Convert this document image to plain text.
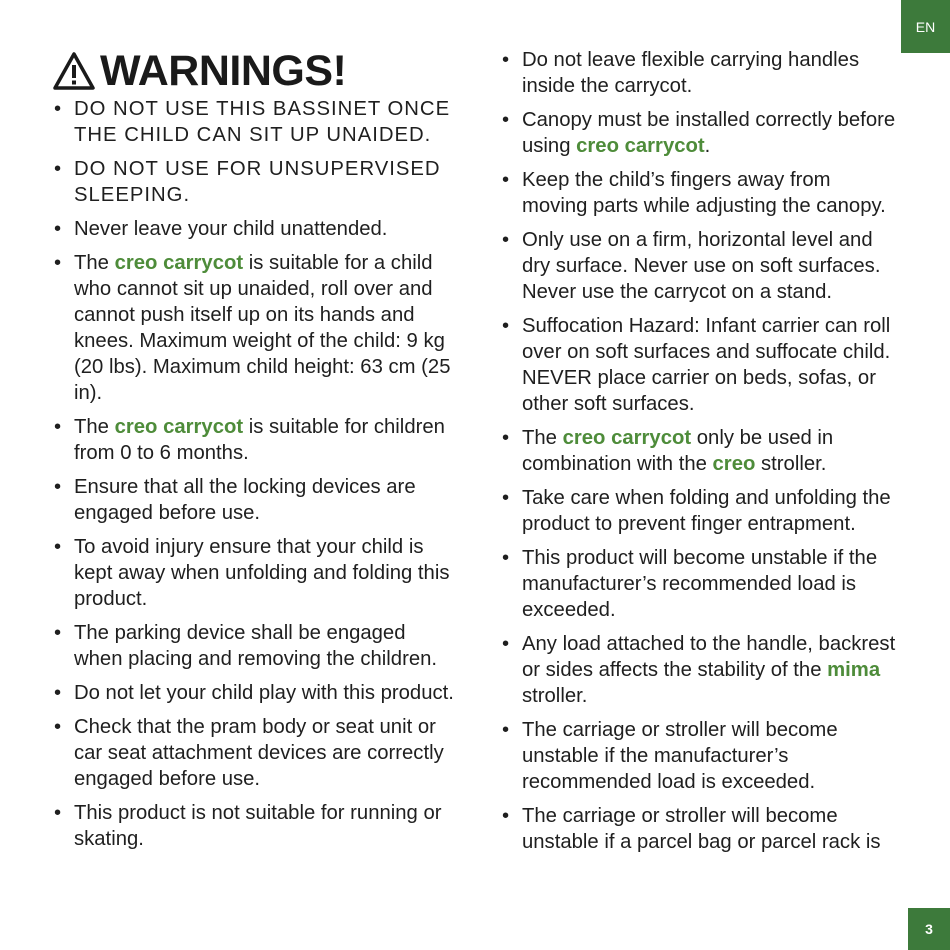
EN
WARNINGS!
• DO NOT USE THIS BASSINET ONCE THE CHILD CAN SIT UP UNAIDED.
• DO NOT USE FOR UNSUPERVISED SLEEPING.
• Never leave your child unattended.
• The creo carrycot is suitable for a child who cannot sit up unaided, roll over and cannot push itself up on its hands and knees. Maximum weight of the child: 9 kg (20 lbs). Maximum child height: 63 cm (25 in).
• The creo carrycot is suitable for children from 0 to 6 months.
• Ensure that all the locking devices are engaged before use.
• To avoid injury ensure that your child is kept away when unfolding and folding this product.
• The parking device shall be engaged when placing and removing the children.
• Do not let your child play with this product.
• Check that the pram body or seat unit or car seat attachment devices are correctly engaged before use.
• This product is not suitable for running or skating.
• Do not leave flexible carrying handles inside the carrycot.
• Canopy must be installed correctly before using creo carrycot.
• Keep the child’s fingers away from moving parts while adjusting the canopy.
• Only use on a firm, horizontal level and dry surface. Never use on soft surfaces. Never use the carrycot on a stand.
• Suffocation Hazard: Infant carrier can roll over on soft surfaces and suffocate child. NEVER place carrier on beds, sofas, or other soft surfaces.
• The creo carrycot only be used in combination with the creo stroller.
• Take care when folding and unfolding the product to prevent finger entrapment.
• This product will become unstable if the manufacturer’s recommended load is exceeded.
• Any load attached to the handle, backrest or sides affects the stability of the mima stroller.
• The carriage or stroller will become unstable if the manufacturer’s recommended load is exceeded.
• The carriage or stroller will become unstable if a parcel bag or parcel rack is
3
